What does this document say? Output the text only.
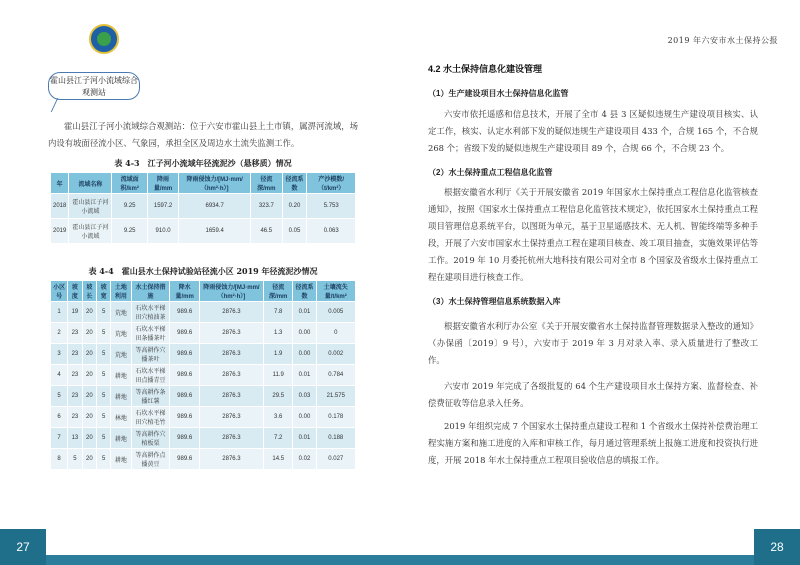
霍山县江子河小流域综合观测站
霍山县江子河小流域综合观测站：位于六安市霍山县上土市镇，属淠河流域，场内设有坡面径流小区、气象园，承担全区及周边水土流失监测工作。
表 4-3　江子河小流域年径流泥沙（悬移质）情况
年	流域名称	流域面积/km²	降雨量/mm	降雨侵蚀力/[MJ·mm/（hm²·h）]	径流深/mm	径流系数	产沙模数/（t/km²）
2018	霍山县江子河小流域	9.25	1597.2	6934.7	323.7	0.20	5.753
2019	霍山县江子河小流域	9.25	910.0	1659.4	46.5	0.05	0.063
表 4-4　霍山县水土保持试验站径流小区 2019 年径流泥沙情况
小区号	坡度	坡长	坡宽	土地利用	水土保持措施	降水量/mm	降雨侵蚀力/[MJ·mm/（hm²·h）]	径流深/mm	径流系数	土壤流失量/t/km²
1	19	20	5	荒地	石坎水平梯田穴植油茶	989.6	2876.3	7.8	0.01	0.005
2	23	20	5	荒地	石坎水平梯田条播茶叶	989.6	2876.3	1.3	0.00	0
3	23	20	5	荒地	等高耕作穴播茶叶	989.6	2876.3	1.9	0.00	0.002
4	23	20	5	耕地	石坎水平梯田点播青豆	989.6	2876.3	11.9	0.01	0.784
5	23	20	5	耕地	等高耕作条播红薯	989.6	2876.3	29.5	0.03	21.575
6	23	20	5	林地	石坎水平梯田穴植毛竹	989.6	2876.3	3.6	0.00	0.178
7	13	20	5	耕地	等高耕作穴植板栗	989.6	2876.3	7.2	0.01	0.188
8	5	20	5	耕地	等高耕作点播黄豆	989.6	2876.3	14.5	0.02	0.027
27
2019 年六安市水土保持公报
4.2 水土保持信息化建设管理
（1）生产建设项目水土保持信息化监管
六安市依托遥感和信息技术，开展了全市 4 县 3 区疑似违规生产建设项目核实、认定工作，核实、认定水利部下发的疑似违规生产建设项目 433 个，合规 165 个，不合规 268 个；省级下发的疑似违规生产建设项目 89 个，合规 66 个，不合规 23 个。
（2）水土保持重点工程信息化监管
根据安徽省水利厅《关于开展安徽省 2019 年国家水土保持重点工程信息化监管核查通知》，按照《国家水土保持重点工程信息化监管技术规定》，依托国家水土保持重点工程项目管理信息系统平台，以图斑为单元，基于卫星遥感技术、无人机、智能终端等多种手段，开展了六安市国家水土保持重点工程在建项目核查、竣工项目抽查，实施效果评估等工作。2019 年 10 月委托杭州大地科技有限公司对全市 8 个国家及省级水土保持重点工程在建项目进行核查工作。
（3）水土保持管理信息系统数据入库
根据安徽省水利厅办公室《关于开展安徽省水土保持监督管理数据录入整改的通知》（办保函〔2019〕9 号），六安市于 2019 年 3 月对录入率、录入质量进行了整改工作。
六安市 2019 年完成了各级批复的 64 个生产建设项目水土保持方案、监督检查、补偿费征收等信息录入任务。
2019 年组织完成 7 个国家水土保持重点建设工程和 1 个省级水土保持补偿费治理工程实施方案和施工进度的入库和审核工作，每月通过管理系统上报施工进度和投资执行进度，开展 2018 年水土保持重点工程项目验收信息的填报工作。
28
